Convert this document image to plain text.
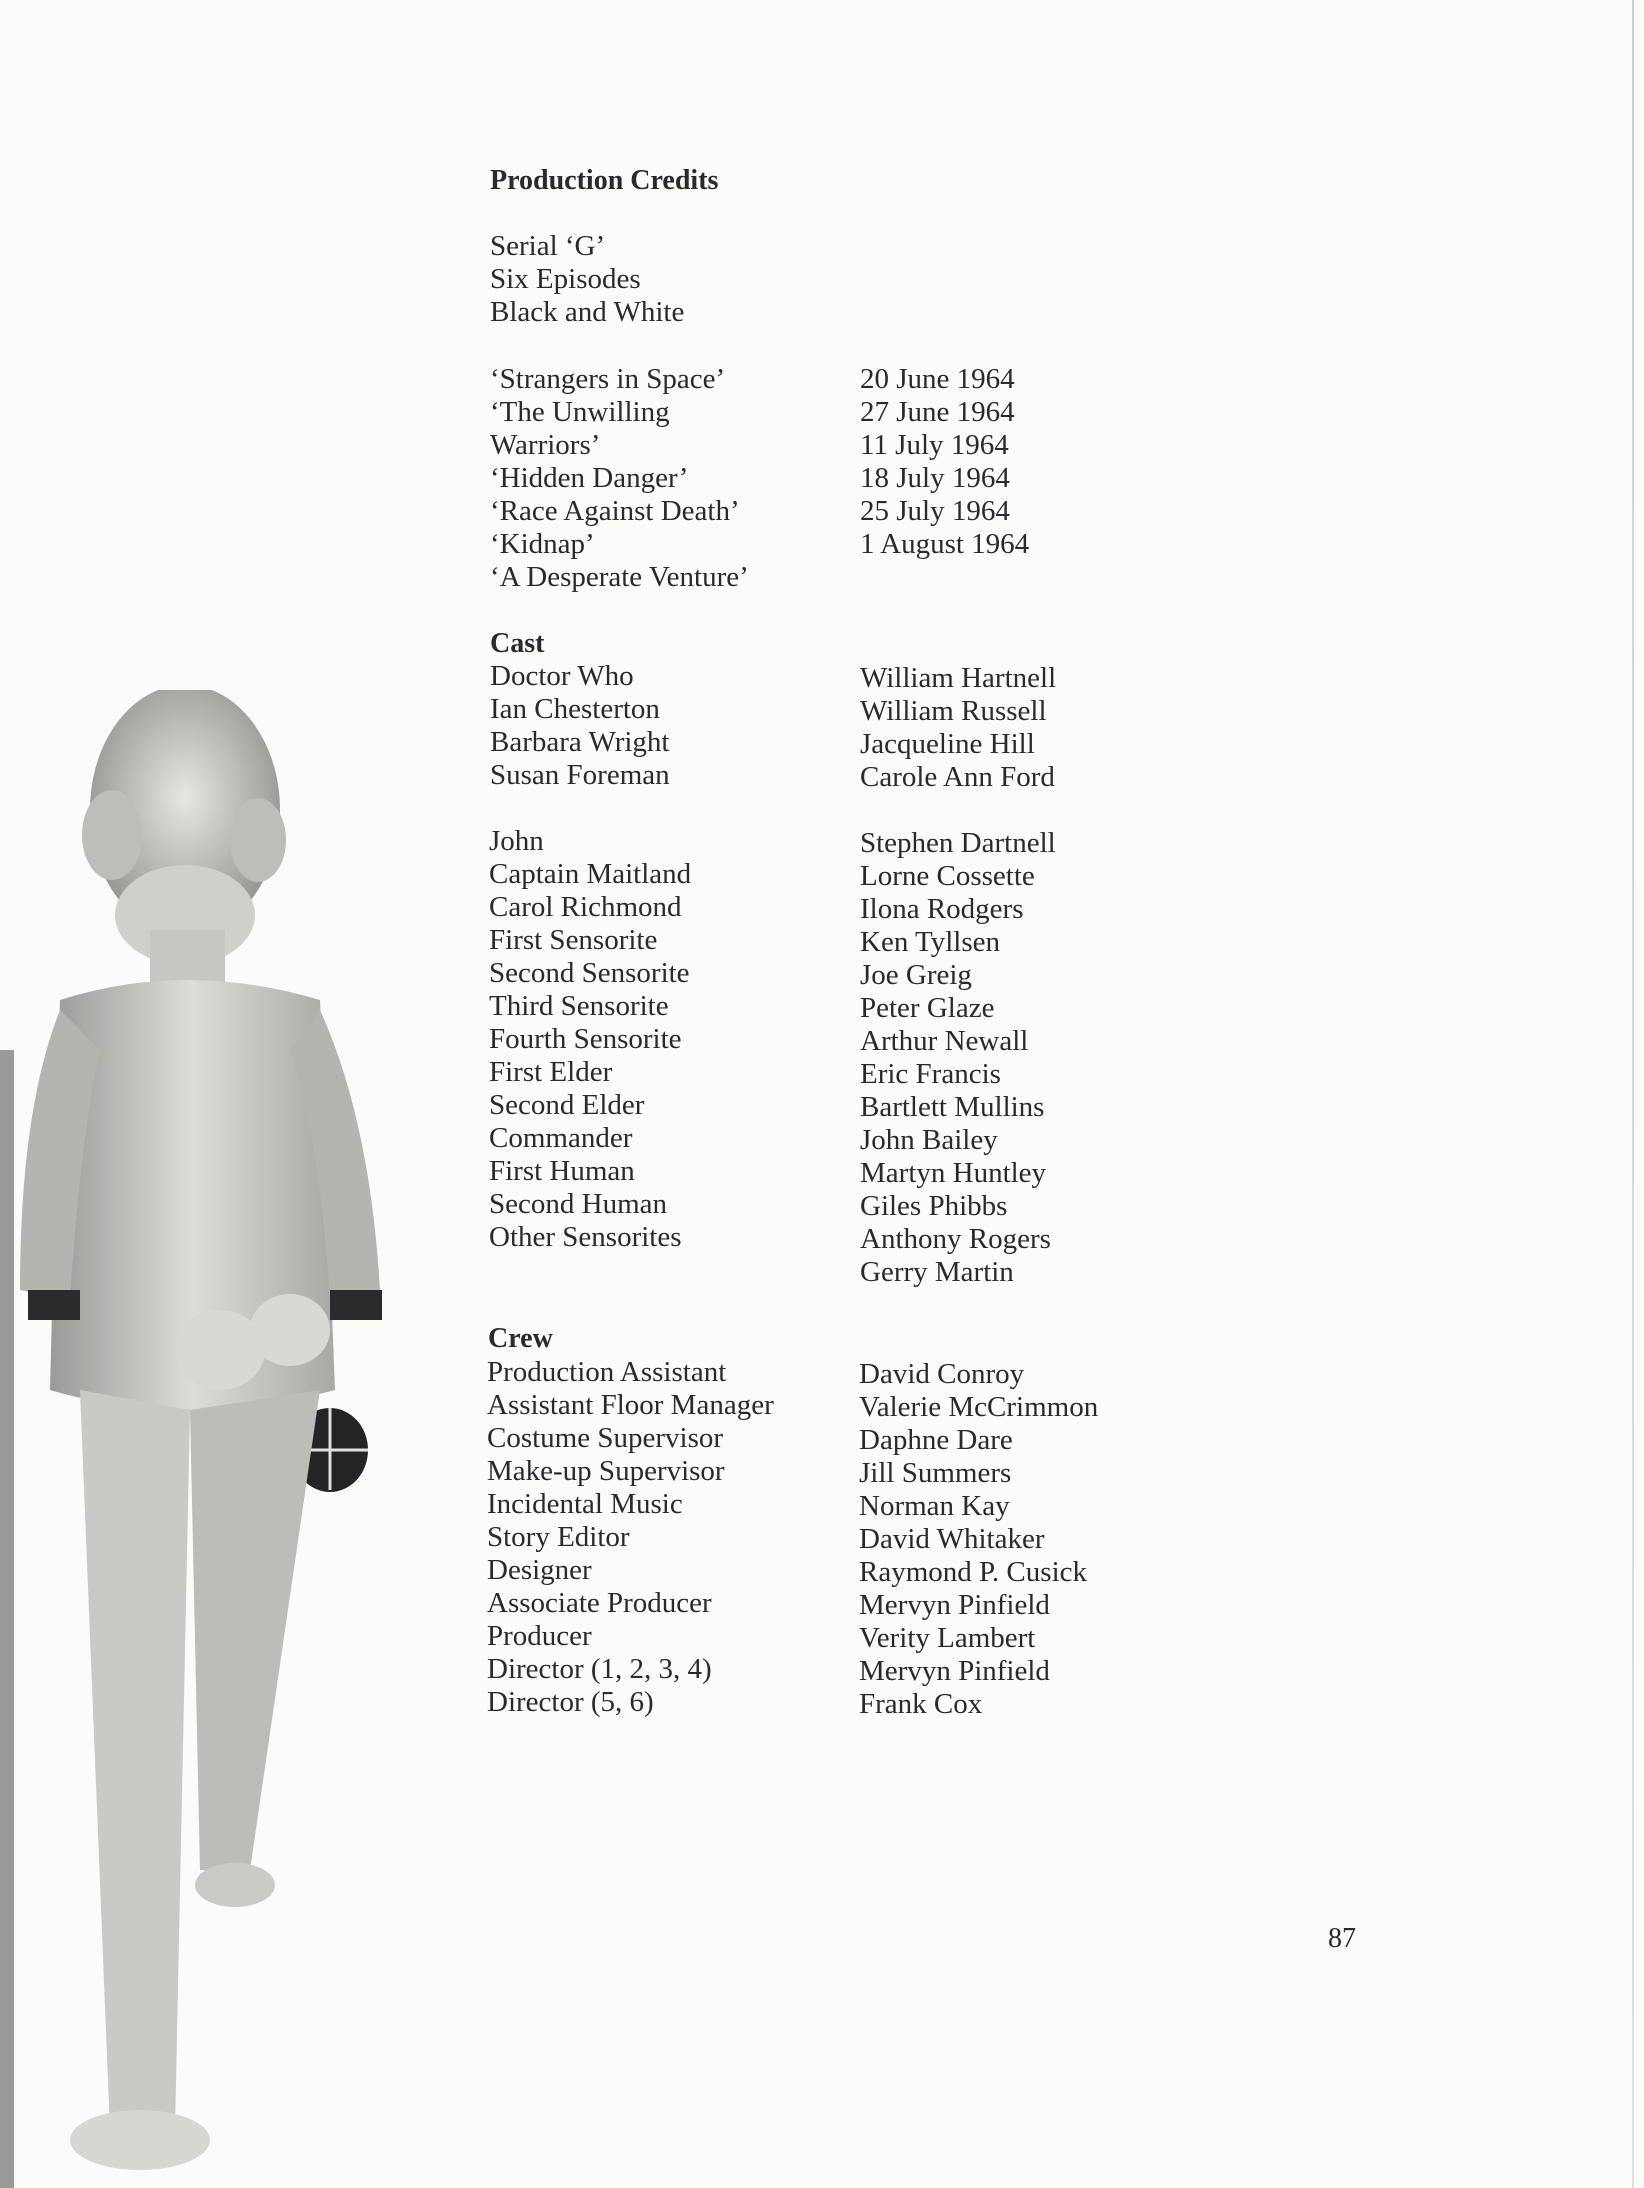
Production Credits
Serial ‘G’
Six Episodes
Black and White
‘Strangers in Space’
‘The Unwilling
Warriors’
‘Hidden Danger’
‘Race Against Death’
‘Kidnap’
‘A Desperate Venture’
20 June 1964
27 June 1964
11 July 1964
18 July 1964
25 July 1964
1 August 1964
Cast
Doctor Who
Ian Chesterton
Barbara Wright
Susan Foreman
William Hartnell
William Russell
Jacqueline Hill
Carole Ann Ford
John
Captain Maitland
Carol Richmond
First Sensorite
Second Sensorite
Third Sensorite
Fourth Sensorite
First Elder
Second Elder
Commander
First Human
Second Human
Other Sensorites
Stephen Dartnell
Lorne Cossette
Ilona Rodgers
Ken Tyllsen
Joe Greig
Peter Glaze
Arthur Newall
Eric Francis
Bartlett Mullins
John Bailey
Martyn Huntley
Giles Phibbs
Anthony Rogers
Gerry Martin
Crew
Production Assistant
Assistant Floor Manager
Costume Supervisor
Make-up Supervisor
Incidental Music
Story Editor
Designer
Associate Producer
Producer
Director (1, 2, 3, 4)
Director (5, 6)
David Conroy
Valerie McCrimmon
Daphne Dare
Jill Summers
Norman Kay
David Whitaker
Raymond P. Cusick
Mervyn Pinfield
Verity Lambert
Mervyn Pinfield
Frank Cox
87
